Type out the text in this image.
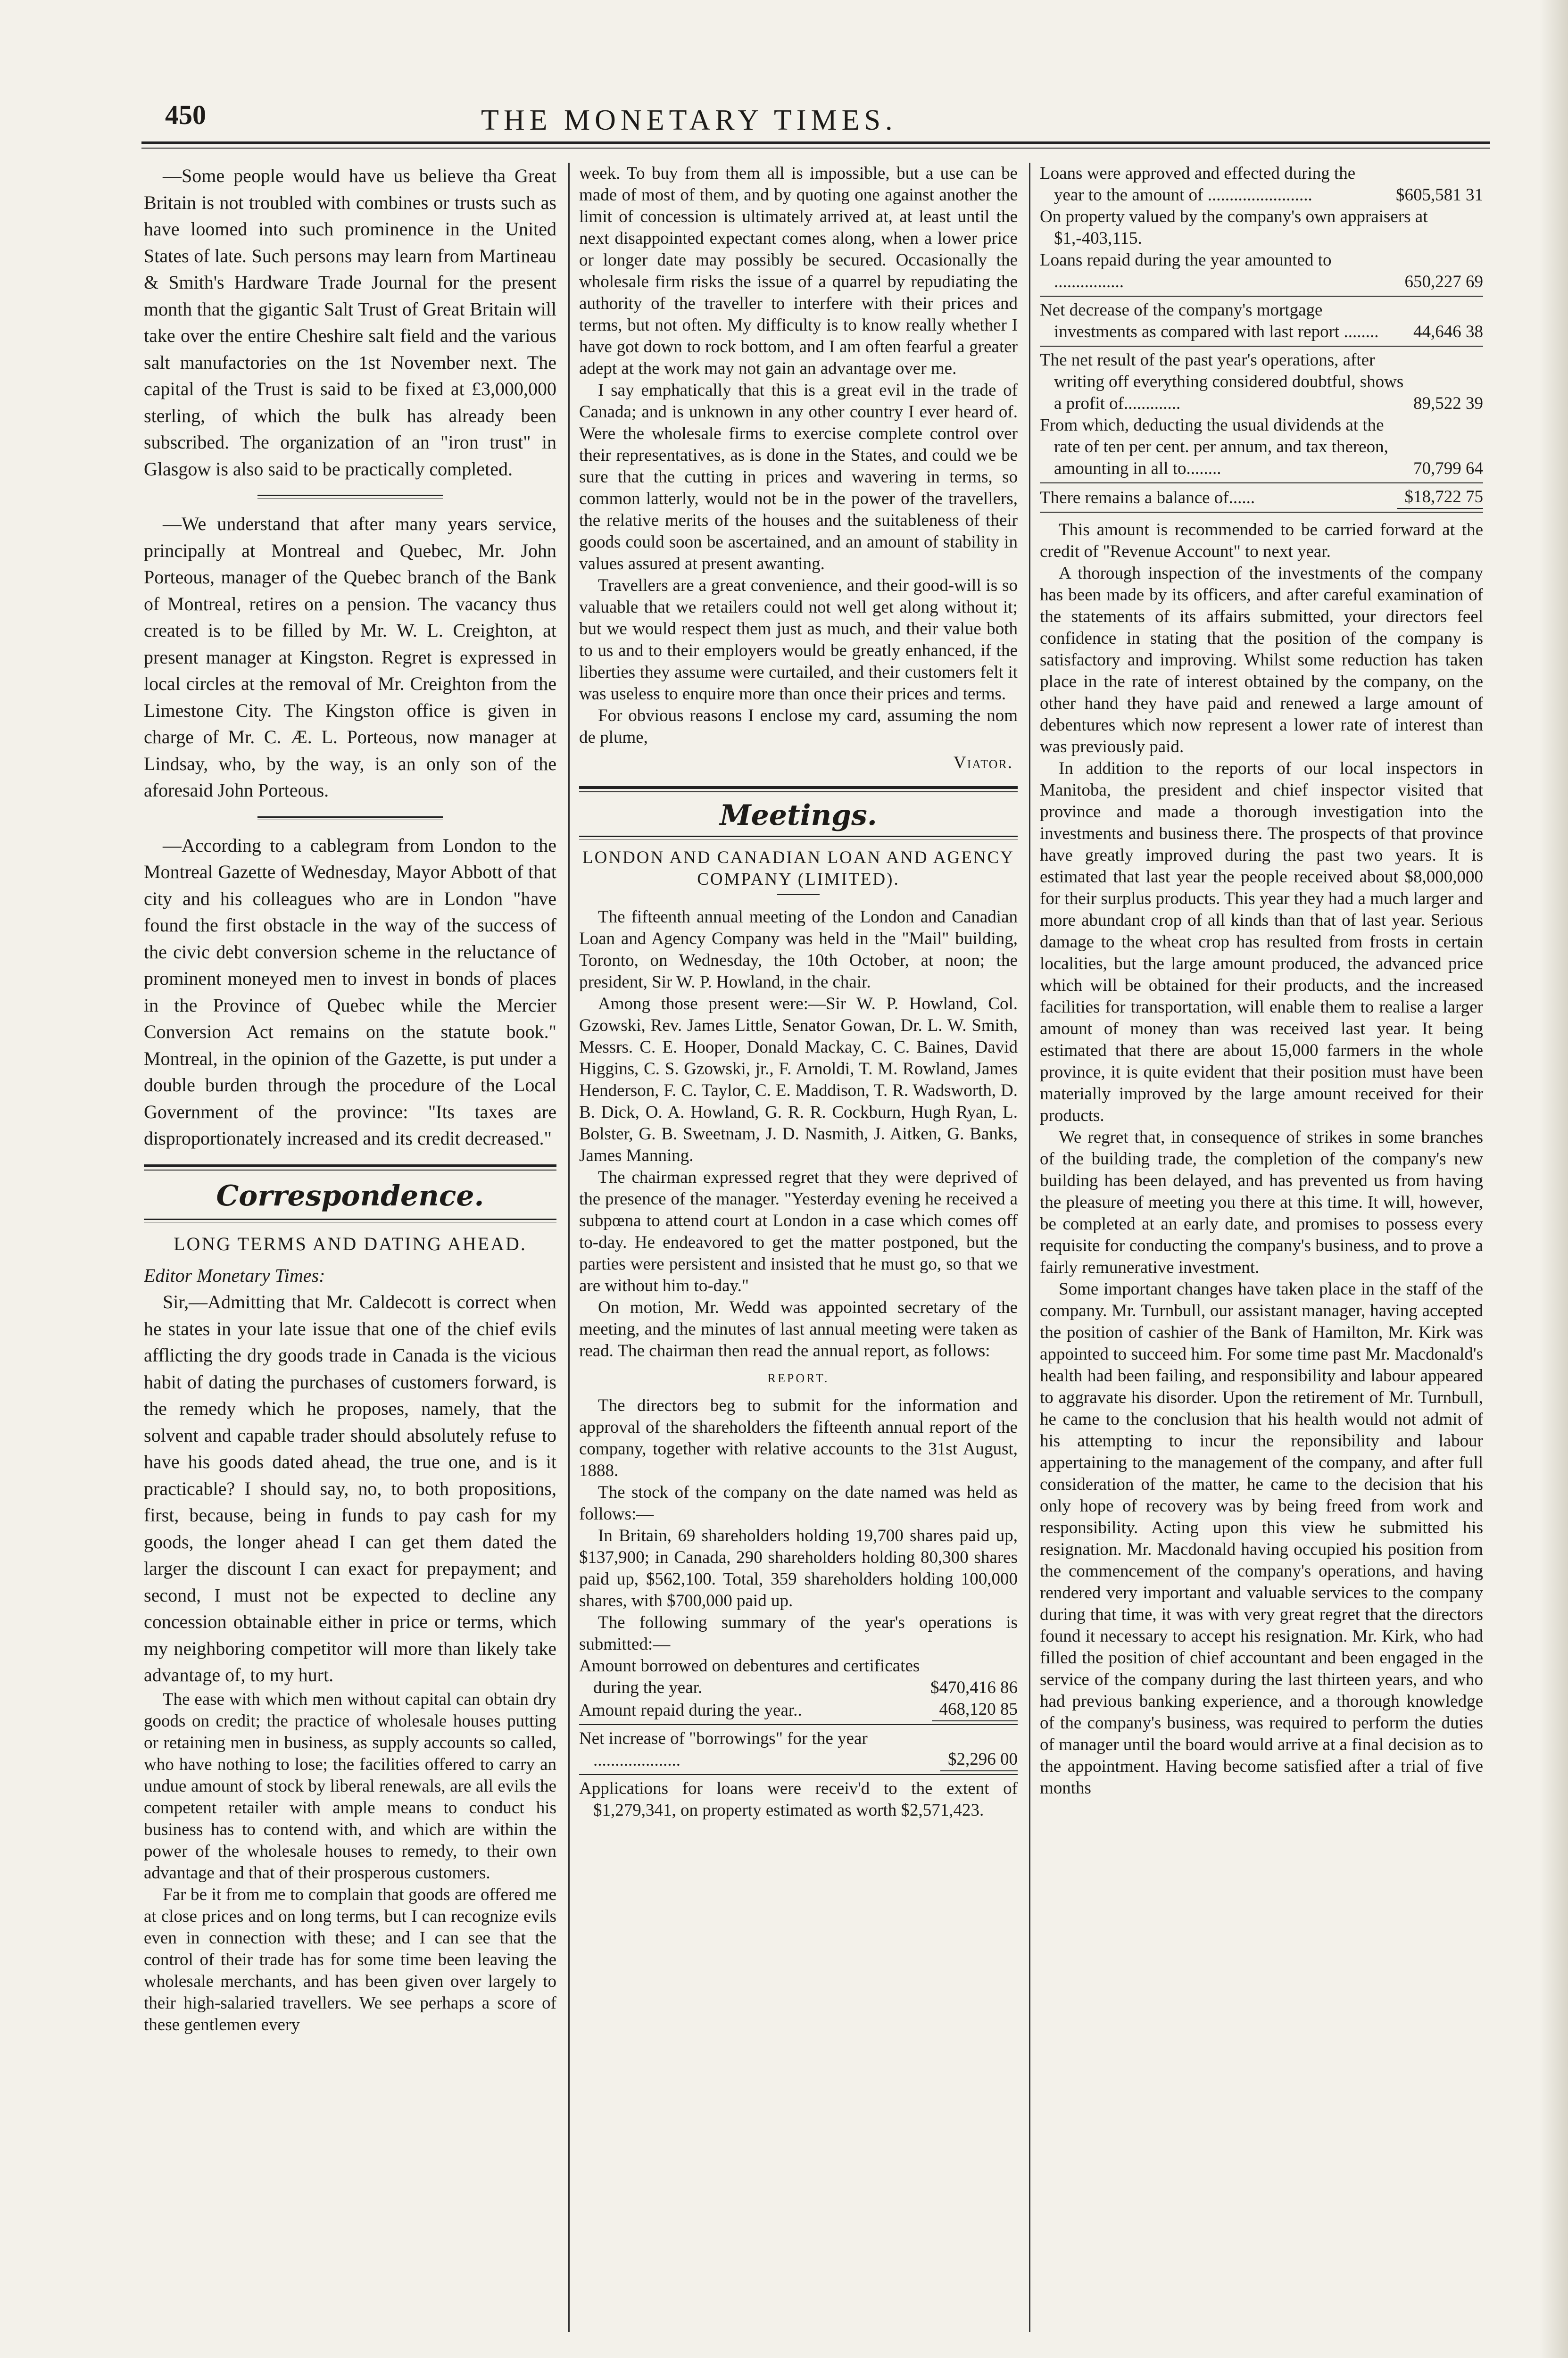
450	THE MONETARY TIMES.

—Some people would have us believe tha Great Britain is not troubled with combines or trusts such as have loomed into such prominence in the United States of late. Such persons may learn from Martineau & Smith's Hardware Trade Journal for the present month that the gigantic Salt Trust of Great Britain will take over the entire Cheshire salt field and the various salt manufactories on the 1st November next. The capital of the Trust is said to be fixed at £3,000,000 sterling, of which the bulk has already been subscribed. The organization of an "iron trust" in Glasgow is also said to be practically completed.

—We understand that after many years service, principally at Montreal and Quebec, Mr. John Porteous, manager of the Quebec branch of the Bank of Montreal, retires on a pension. The vacancy thus created is to be filled by Mr. W. L. Creighton, at present manager at Kingston. Regret is expressed in local circles at the removal of Mr. Creighton from the Limestone City. The Kingston office is given in charge of Mr. C. Æ. L. Porteous, now manager at Lindsay, who, by the way, is an only son of the aforesaid John Porteous.

—According to a cablegram from London to the Montreal Gazette of Wednesday, Mayor Abbott of that city and his colleagues who are in London "have found the first obstacle in the way of the success of the civic debt conversion scheme in the reluctance of prominent moneyed men to invest in bonds of places in the Province of Quebec while the Mercier Conversion Act remains on the statute book." Montreal, in the opinion of the Gazette, is put under a double burden through the procedure of the Local Government of the province: "Its taxes are disproportionately increased and its credit decreased."

Correspondence.
LONG TERMS AND DATING AHEAD.

Editor Monetary Times:

Sir,—Admitting that Mr. Caldecott is correct when he states in your late issue that one of the chief evils afflicting the dry goods trade in Canada is the vicious habit of dating the purchases of customers forward, is the remedy which he proposes, namely, that the solvent and capable trader should absolutely refuse to have his goods dated ahead, the true one, and is it practicable? I should say, no, to both propositions, first, because, being in funds to pay cash for my goods, the longer ahead I can get them dated the larger the discount I can exact for prepayment; and second, I must not be expected to decline any concession obtainable either in price or terms, which my neighboring competitor will more than likely take advantage of, to my hurt.

The ease with which men without capital can obtain dry goods on credit; the practice of wholesale houses putting or retaining men in business, as supply accounts so called, who have nothing to lose; the facilities offered to carry an undue amount of stock by liberal renewals, are all evils the competent retailer with ample means to conduct his business has to contend with, and which are within the power of the wholesale houses to remedy, to their own advantage and that of their prosperous customers.

Far be it from me to complain that goods are offered me at close prices and on long terms, but I can recognize evils even in connection with these; and I can see that the control of their trade has for some time been leaving the wholesale merchants, and has been given over largely to their high-salaried travellers. We see perhaps a score of these gentlemen every

week. To buy from them all is impossible, but a use can be made of most of them, and by quoting one against another the limit of concession is ultimately arrived at, at least until the next disappointed expectant comes along, when a lower price or longer date may possibly be secured. Occasionally the wholesale firm risks the issue of a quarrel by repudiating the authority of the traveller to interfere with their prices and terms, but not often. My difficulty is to know really whether I have got down to rock bottom, and I am often fearful a greater adept at the work may not gain an advantage over me.

I say emphatically that this is a great evil in the trade of Canada; and is unknown in any other country I ever heard of. Were the wholesale firms to exercise complete control over their representatives, as is done in the States, and could we be sure that the cutting in prices and wavering in terms, so common latterly, would not be in the power of the travellers, the relative merits of the houses and the suitableness of their goods could soon be ascertained, and an amount of stability in values assured at present awanting.

Travellers are a great convenience, and their good-will is so valuable that we retailers could not well get along without it; but we would respect them just as much, and their value both to us and to their employers would be greatly enhanced, if the liberties they assume were curtailed, and their customers felt it was useless to enquire more than once their prices and terms.

For obvious reasons I enclose my card, assuming the nom de plume,

Viator.
Meetings.
LONDON AND CANADIAN LOAN AND AGENCY COMPANY (LIMITED).

The fifteenth annual meeting of the London and Canadian Loan and Agency Company was held in the "Mail" building, Toronto, on Wednesday, the 10th October, at noon; the president, Sir W. P. Howland, in the chair.

Among those present were:—Sir W. P. Howland, Col. Gzowski, Rev. James Little, Senator Gowan, Dr. L. W. Smith, Messrs. C. E. Hooper, Donald Mackay, C. C. Baines, David Higgins, C. S. Gzowski, jr., F. Arnoldi, T. M. Rowland, James Henderson, F. C. Taylor, C. E. Maddison, T. R. Wadsworth, D. B. Dick, O. A. Howland, G. R. R. Cockburn, Hugh Ryan, L. Bolster, G. B. Sweetnam, J. D. Nasmith, J. Aitken, G. Banks, James Manning.

The chairman expressed regret that they were deprived of the presence of the manager. "Yesterday evening he received a subpœna to attend court at London in a case which comes off to-day. He endeavored to get the matter postponed, but the parties were persistent and insisted that he must go, so that we are without him to-day."

On motion, Mr. Wedd was appointed secretary of the meeting, and the minutes of last annual meeting were taken as read. The chairman then read the annual report, as follows:

REPORT.

The directors beg to submit for the information and approval of the shareholders the fifteenth annual report of the company, together with relative accounts to the 31st August, 1888.

The stock of the company on the date named was held as follows:—

In Britain, 69 shareholders holding 19,700 shares paid up, $137,900; in Canada, 290 shareholders holding 80,300 shares paid up, $562,100. Total, 359 shareholders holding 100,000 shares, with $700,000 paid up.

The following summary of the year's operations is submitted:—

Amount borrowed on debentures and certificates during the year.	$470,416 86
Amount repaid during the year..	468,120 85
Net increase of "borrowings" for the year ....................	$2,296 00

Applications for loans were receiv'd to the extent of $1,279,341, on property estimated as worth $2,571,423.

Loans were approved and effected during the year to the amount of ........................	$605,581 31
On property valued by the company's own appraisers at $1,-403,115.
Loans repaid during the year amounted to ................	650,227 69
Net decrease of the company's mortgage investments as compared with last report ........	44,646 38
The net result of the past year's operations, after writing off everything considered doubtful, shows a profit of.............	89,522 39
From which, deducting the usual dividends at the rate of ten per cent. per annum, and tax thereon, amounting in all to........	70,799 64
There remains a balance of......	$18,722 75

This amount is recommended to be carried forward at the credit of "Revenue Account" to next year.

A thorough inspection of the investments of the company has been made by its officers, and after careful examination of the statements of its affairs submitted, your directors feel confidence in stating that the position of the company is satisfactory and improving. Whilst some reduction has taken place in the rate of interest obtained by the company, on the other hand they have paid and renewed a large amount of debentures which now represent a lower rate of interest than was previously paid.

In addition to the reports of our local inspectors in Manitoba, the president and chief inspector visited that province and made a thorough investigation into the investments and business there. The prospects of that province have greatly improved during the past two years. It is estimated that last year the people received about $8,000,000 for their surplus products. This year they had a much larger and more abundant crop of all kinds than that of last year. Serious damage to the wheat crop has resulted from frosts in certain localities, but the large amount produced, the advanced price which will be obtained for their products, and the increased facilities for transportation, will enable them to realise a larger amount of money than was received last year. It being estimated that there are about 15,000 farmers in the whole province, it is quite evident that their position must have been materially improved by the large amount received for their products.

We regret that, in consequence of strikes in some branches of the building trade, the completion of the company's new building has been delayed, and has prevented us from having the pleasure of meeting you there at this time. It will, however, be completed at an early date, and promises to possess every requisite for conducting the company's business, and to prove a fairly remunerative investment.

Some important changes have taken place in the staff of the company. Mr. Turnbull, our assistant manager, having accepted the position of cashier of the Bank of Hamilton, Mr. Kirk was appointed to succeed him. For some time past Mr. Macdonald's health had been failing, and responsibility and labour appeared to aggravate his disorder. Upon the retirement of Mr. Turnbull, he came to the conclusion that his health would not admit of his attempting to incur the reponsibility and labour appertaining to the management of the company, and after full consideration of the matter, he came to the decision that his only hope of recovery was by being freed from work and responsibility. Acting upon this view he submitted his resignation. Mr. Macdonald having occupied his position from the commencement of the company's operations, and having rendered very important and valuable services to the company during that time, it was with very great regret that the directors found it necessary to accept his resignation. Mr. Kirk, who had filled the position of chief accountant and been engaged in the service of the company during the last thirteen years, and who had previous banking experience, and a thorough knowledge of the company's business, was required to perform the duties of manager until the board would arrive at a final decision as to the appointment. Having become satisfied after a trial of five months
